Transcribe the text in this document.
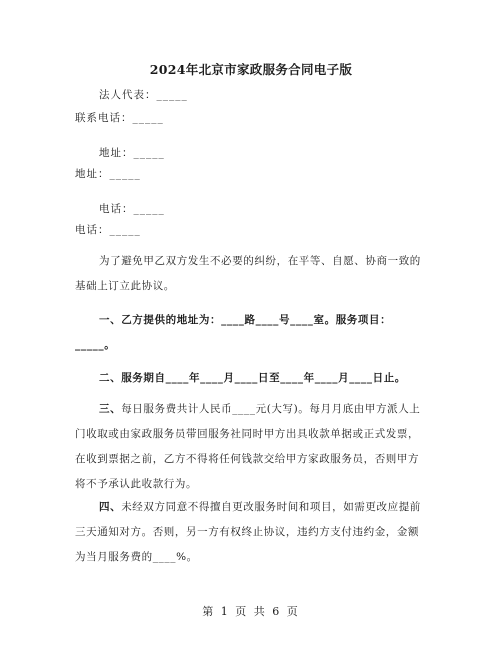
2024年北京市家政服务合同电子版
法人代表：_____
联系电话：_____
地址：_____
地址：_____
电话：_____
电话：_____
为了避免甲乙双方发生不必要的纠纷，在平等、自愿、协商一致的基础上订立此协议。
一、乙方提供的地址为：____路____号____室。服务项目：_____。
二、服务期自____年____月____日至____年____月____日止。
三、每日服务费共计人民币____元(大写)。每月月底由甲方派人上门收取或由家政服务员带回服务社同时甲方出具收款单据或正式发票，在收到票据之前，乙方不得将任何钱款交给甲方家政服务员，否则甲方将不予承认此收款行为。
四、未经双方同意不得擅自更改服务时间和项目，如需更改应提前三天通知对方。否则，另一方有权终止协议，违约方支付违约金，金额为当月服务费的____%。
第 1 页 共 6 页
